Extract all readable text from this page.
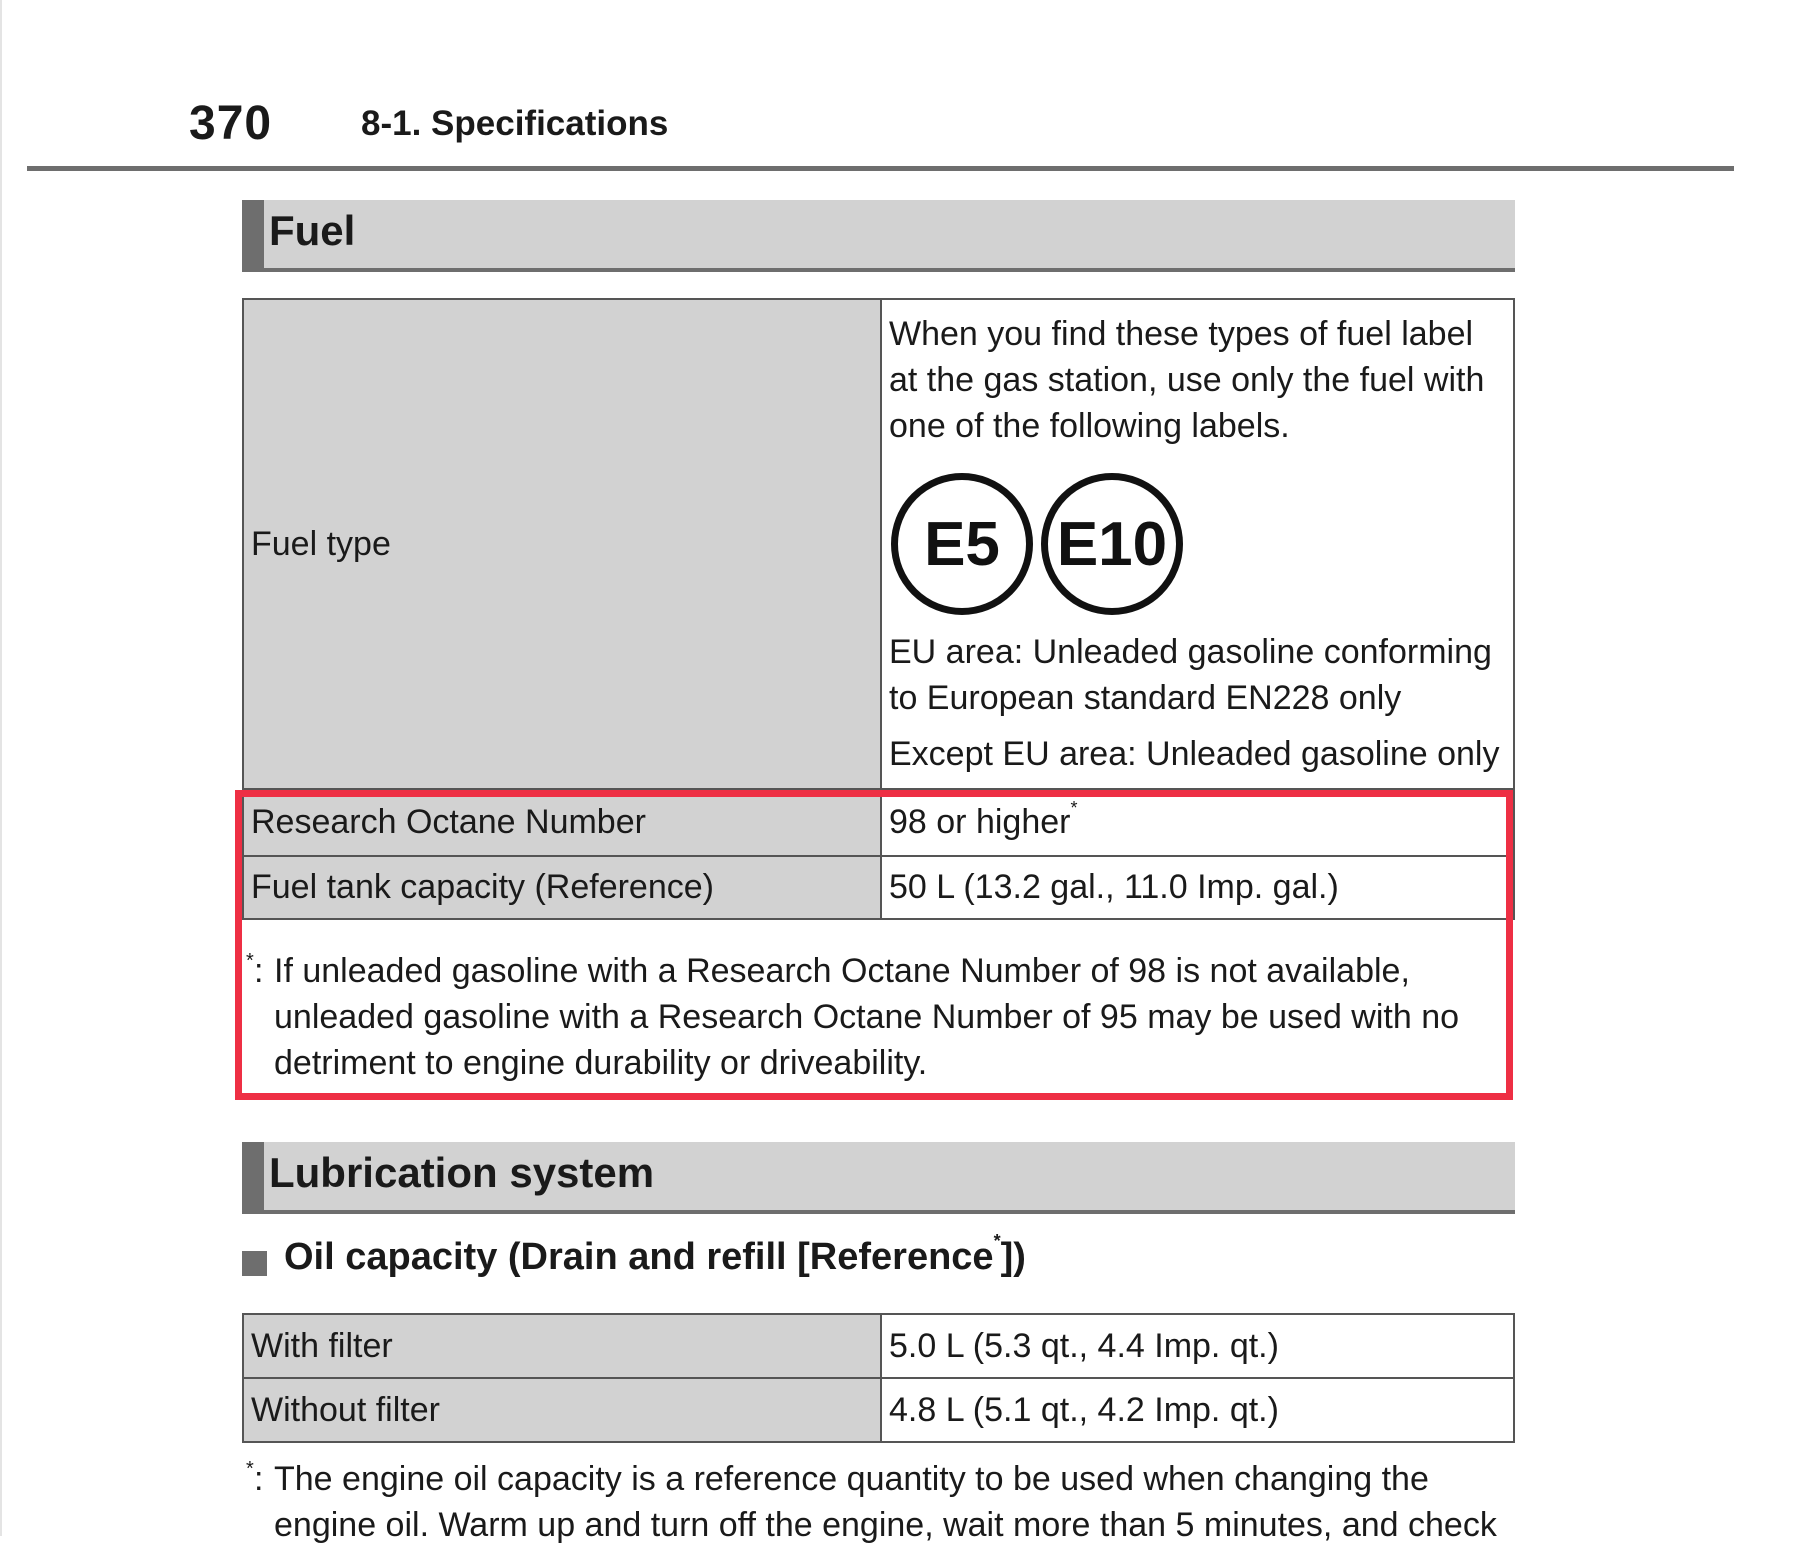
370	8-1. Specifications
Fuel
Fuel type	When you find these types of fuel label at the gas station, use only the fuel with one of the following labels.
E5 E10
EU area: Unleaded gasoline conforming to European standard EN228 only
Except EU area: Unleaded gasoline only

Research Octane Number	98 or higher*
Fuel tank capacity (Reference)	50 L (13.2 gal., 11.0 Imp. gal.)
* : If unleaded gasoline with a Research Octane Number of 98 is not available,
unleaded gasoline with a Research Octane Number of 95 may be used with no
detriment to engine durability or driveability.
Lubrication system
Oil capacity (Drain and refill [Reference*])
With filter	5.0 L (5.3 qt., 4.4 Imp. qt.)
Without filter	4.8 L (5.1 qt., 4.2 Imp. qt.)
* : The engine oil capacity is a reference quantity to be used when changing the
engine oil. Warm up and turn off the engine, wait more than 5 minutes, and check
